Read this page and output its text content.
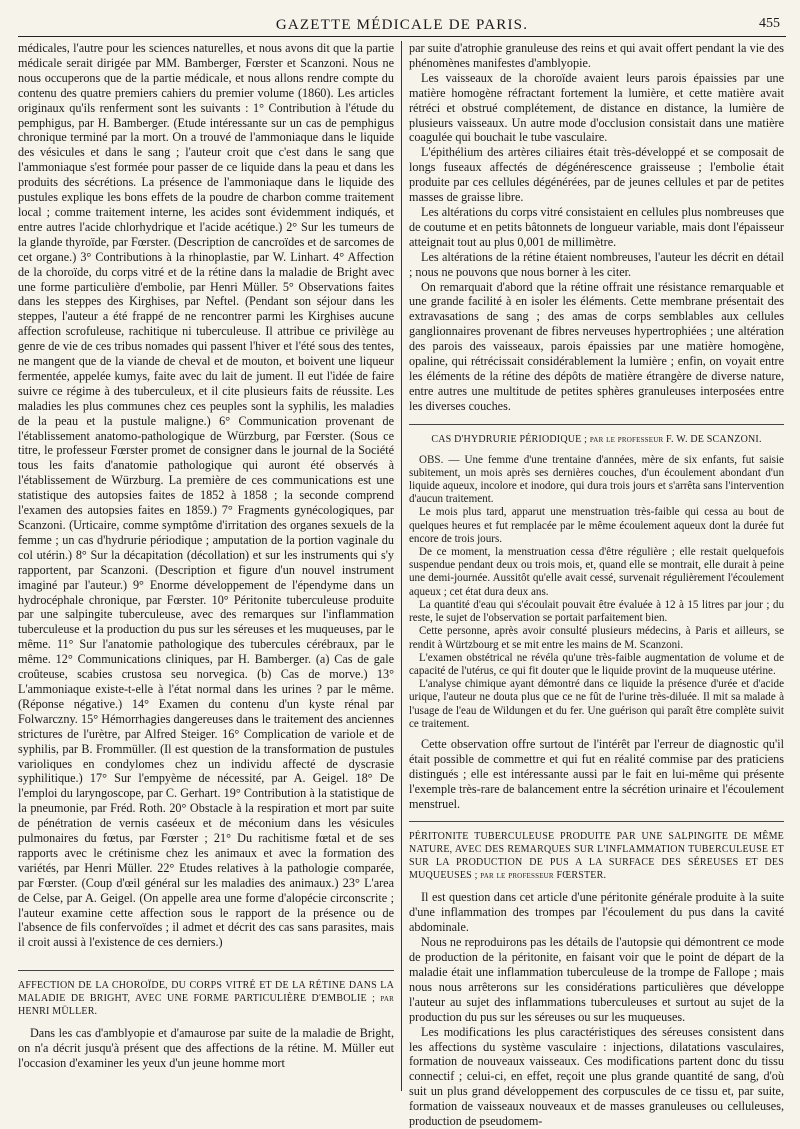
GAZETTE MÉDICALE DE PARIS.	455

médicales, l'autre pour les sciences naturelles, et nous avons dit que la partie médicale serait dirigée par MM. Bamberger, Fœrster et Scanzoni. Nous ne nous occuperons que de la partie médicale, et nous allons rendre compte du contenu des quatre premiers cahiers du premier volume (1860). Les articles originaux qu'ils renferment sont les suivants : 1° Contribution à l'étude du pemphigus, par H. Bamberger. (Etude intéressante sur un cas de pemphigus chronique terminé par la mort. On a trouvé de l'ammoniaque dans le liquide des vésicules et dans le sang ; l'auteur croit que c'est dans le sang que l'ammoniaque s'est formée pour passer de ce liquide dans la peau et dans les produits des sécrétions. La présence de l'ammoniaque dans le liquide des pustules explique les bons effets de la poudre de charbon comme traitement local ; comme traitement interne, les acides sont évidemment indiqués, et entre autres l'acide chlorhydrique et l'acide acétique.) 2° Sur les tumeurs de la glande thyroïde, par Fœrster. (Description de cancroïdes et de sarcomes de cet organe.) 3° Contributions à la rhinoplastie, par W. Linhart. 4° Affection de la choroïde, du corps vitré et de la rétine dans la maladie de Bright avec une forme particulière d'embolie, par Henri Müller. 5° Observations faites dans les steppes des Kirghises, par Neftel. (Pendant son séjour dans les steppes, l'auteur a été frappé de ne rencontrer parmi les Kirghises aucune affection scrofuleuse, rachitique ni tuberculeuse. Il attribue ce privilège au genre de vie de ces tribus nomades qui passent l'hiver et l'été sous des tentes, ne mangent que de la viande de cheval et de mouton, et boivent une liqueur fermentée, appelée kumys, faite avec du lait de jument. Il eut l'idée de faire suivre ce régime à des tuberculeux, et il cite plusieurs faits de réussite. Les maladies les plus communes chez ces peuples sont la syphilis, les maladies de la peau et la pustule maligne.) 6° Communication provenant de l'établissement anatomo-pathologique de Würzburg, par Fœrster. (Sous ce titre, le professeur Fœrster promet de consigner dans le journal de la Société tous les faits d'anatomie pathologique qui auront été observés à l'établissement de Würzburg. La première de ces communications est une statistique des autopsies faites de 1852 à 1858 ; la seconde comprend l'examen des autopsies faites en 1859.) 7° Fragments gynécologiques, par Scanzoni. (Urticaire, comme symptôme d'irritation des organes sexuels de la femme ; un cas d'hydrurie périodique ; amputation de la portion vaginale du col utérin.) 8° Sur la décapitation (décollation) et sur les instruments qui s'y rapportent, par Scanzoni. (Description et figure d'un nouvel instrument imaginé par l'auteur.) 9° Enorme développement de l'épendyme dans un hydrocéphale chronique, par Fœrster. 10° Péritonite tuberculeuse produite par une salpingite tuberculeuse, avec des remarques sur l'inflammation tuberculeuse et la production du pus sur les séreuses et les muqueuses, par le même. 11° Sur l'anatomie pathologique des tubercules cérébraux, par le même. 12° Communications cliniques, par H. Bamberger. (a) Cas de gale croûteuse, scabies crustosa seu norvegica. (b) Cas de morve.) 13° L'ammoniaque existe-t-elle à l'état normal dans les urines ? par le même. (Réponse négative.) 14° Examen du contenu d'un kyste rénal par Folwarczny. 15° Hémorrhagies dangereuses dans le traitement des anciennes strictures de l'urètre, par Alfred Steiger. 16° Complication de variole et de syphilis, par B. Frommüller. (Il est question de la transformation de pustules varioliques en condylomes chez un individu affecté de dyscrasie syphilitique.) 17° Sur l'empyème de nécessité, par A. Geigel. 18° De l'emploi du laryngoscope, par C. Gerhart. 19° Contribution à la statistique de la pneumonie, par Fréd. Roth. 20° Obstacle à la respiration et mort par suite de pénétration de vernis caséeux et de méconium dans les vésicules pulmonaires du fœtus, par Fœrster ; 21° Du rachitisme fœtal et de ses rapports avec le crétinisme chez les animaux et avec la formation des variétés, par Henri Müller. 22° Etudes relatives à la pathologie comparée, par Fœrster. (Coup d'œil général sur les maladies des animaux.) 23° L'area de Celse, par A. Geigel. (On appelle area une forme d'alopécie circonscrite ; l'auteur examine cette affection sous le rapport de la présence ou de l'absence de fils confervoïdes ; il admet et décrit des cas sans parasites, mais il croit aussi à l'existence de ces derniers.)

AFFECTION DE LA CHOROÏDE, DU CORPS VITRÉ ET DE LA RÉTINE DANS LA MALADIE DE BRIGHT, AVEC UNE FORME PARTICULIÈRE D'EMBOLIE ; par HENRI MÜLLER.

Dans les cas d'amblyopie et d'amaurose par suite de la maladie de Bright, on n'a décrit jusqu'à présent que des affections de la rétine. M. Müller eut l'occasion d'examiner les yeux d'un jeune homme mort

par suite d'atrophie granuleuse des reins et qui avait offert pendant la vie des phénomènes manifestes d'amblyopie.

Les vaisseaux de la choroïde avaient leurs parois épaissies par une matière homogène réfractant fortement la lumière, et cette matière avait rétréci et obstrué complétement, de distance en distance, la lumière de plusieurs vaisseaux. Un autre mode d'occlusion consistait dans une matière coagulée qui bouchait le tube vasculaire.

L'épithélium des artères ciliaires était très-développé et se composait de longs fuseaux affectés de dégénérescence graisseuse ; l'embolie était produite par ces cellules dégénérées, par de jeunes cellules et par de petites masses de graisse libre.

Les altérations du corps vitré consistaient en cellules plus nombreuses que de coutume et en petits bâtonnets de longueur variable, mais dont l'épaisseur atteignait tout au plus 0,001 de millimètre.

Les altérations de la rétine étaient nombreuses, l'auteur les décrit en détail ; nous ne pouvons que nous borner à les citer.

On remarquait d'abord que la rétine offrait une résistance remarquable et une grande facilité à en isoler les éléments. Cette membrane présentait des extravasations de sang ; des amas de corps semblables aux cellules ganglionnaires provenant de fibres nerveuses hypertrophiées ; une altération des parois des vaisseaux, parois épaissies par une matière homogène, opaline, qui rétrécissait considérablement la lumière ; enfin, on voyait entre les éléments de la rétine des dépôts de matière étrangère de diverse nature, entre autres une multitude de petites sphères granuleuses interposées entre les diverses couches.

CAS D'HYDRURIE PÉRIODIQUE ; par le professeur F. W. DE SCANZONI.

OBS. — Une femme d'une trentaine d'années, mère de six enfants, fut saisie subitement, un mois après ses dernières couches, d'un écoulement abondant d'un liquide aqueux, incolore et inodore, qui dura trois jours et s'arrêta sans l'intervention d'aucun traitement.

Le mois plus tard, apparut une menstruation très-faible qui cessa au bout de quelques heures et fut remplacée par le même écoulement aqueux dont la durée fut encore de trois jours.

De ce moment, la menstruation cessa d'être régulière ; elle restait quelquefois suspendue pendant deux ou trois mois, et, quand elle se montrait, elle durait à peine une demi-journée. Aussitôt qu'elle avait cessé, survenait régulièrement l'écoulement aqueux ; cet état dura deux ans.

La quantité d'eau qui s'écoulait pouvait être évaluée à 12 à 15 litres par jour ; du reste, le sujet de l'observation se portait parfaitement bien.

Cette personne, après avoir consulté plusieurs médecins, à Paris et ailleurs, se rendit à Würtzbourg et se mit entre les mains de M. Scanzoni.

L'examen obstétrical ne révéla qu'une très-faible augmentation de volume et de capacité de l'utérus, ce qui fit douter que le liquide provint de la muqueuse utérine.

L'analyse chimique ayant démontré dans ce liquide la présence d'urée et d'acide urique, l'auteur ne douta plus que ce ne fût de l'urine très-diluée. Il mit sa malade à l'usage de l'eau de Wildungen et du fer. Une guérison qui paraît être complète suivit ce traitement.

Cette observation offre surtout de l'intérêt par l'erreur de diagnostic qu'il était possible de commettre et qui fut en réalité commise par des praticiens distingués ; elle est intéressante aussi par le fait en lui-même qui présente l'exemple très-rare de balancement entre la sécrétion urinaire et l'écoulement menstruel.

PÉRITONITE TUBERCULEUSE PRODUITE PAR UNE SALPINGITE DE MÊME NATURE, AVEC DES REMARQUES SUR L'INFLAMMATION TUBERCULEUSE ET SUR LA PRODUCTION DE PUS A LA SURFACE DES SÉREUSES ET DES MUQUEUSES ; par le professeur FŒRSTER.

Il est question dans cet article d'une péritonite générale produite à la suite d'une inflammation des trompes par l'écoulement du pus dans la cavité abdominale.

Nous ne reproduirons pas les détails de l'autopsie qui démontrent ce mode de production de la péritonite, en faisant voir que le point de départ de la maladie était une inflammation tuberculeuse de la trompe de Fallope ; mais nous nous arrêterons sur les considérations particulières que développe l'auteur au sujet des inflammations tuberculeuses et surtout au sujet de la production du pus sur les séreuses ou sur les muqueuses.

Les modifications les plus caractéristiques des séreuses consistent dans les affections du système vasculaire : injections, dilatations vasculaires, formation de nouveaux vaisseaux. Ces modifications partent donc du tissu connectif ; celui-ci, en effet, reçoit une plus grande quantité de sang, d'où suit un plus grand développement des corpuscules de ce tissu et, par suite, formation de vaisseaux nouveaux et de masses granuleuses ou celluleuses, production de pseudomem-
